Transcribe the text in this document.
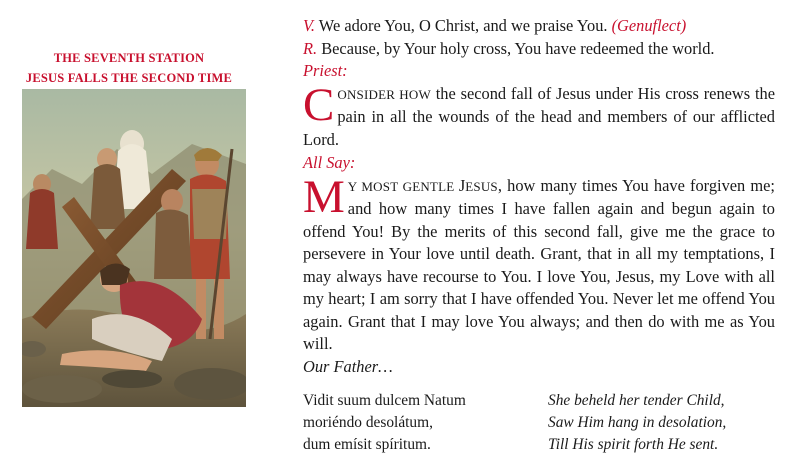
THE SEVENTH STATION
JESUS FALLS THE SECOND TIME
V. We adore You, O Christ, and we praise You. (Genuflect)
R. Because, by Your holy cross, You have redeemed the world.
Priest:
CONSIDER HOW the second fall of Jesus under His cross renews the pain in all the wounds of the head and members of our afflicted Lord.
All Say:
M Y MOST GENTLE JESUS, how many times You have forgiven me; and how many times I have fallen again and begun again to offend You! By the merits of this second fall, give me the grace to persevere in Your love until death. Grant, that in all my temptations, I may always have recourse to You. I love You, Jesus, my Love with all my heart; I am sorry that I have offended You. Never let me offend You again. Grant that I may love You always; and then do with me as You will.
Our Father…
Vidit suum dulcem Natum
moriéndo desolátum,
dum emísit spíritum.
She beheld her tender Child,
Saw Him hang in desolation,
Till His spirit forth He sent.
